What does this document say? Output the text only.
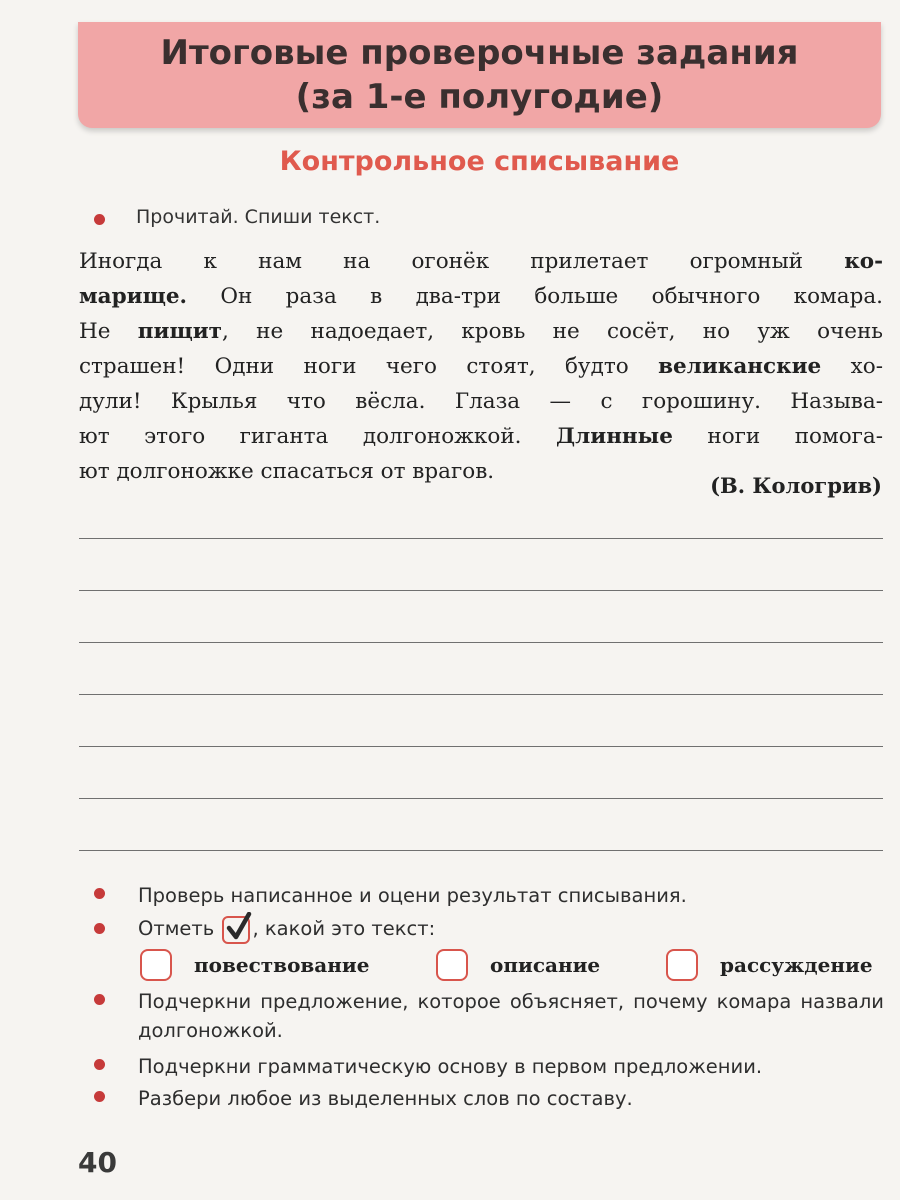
Итоговые проверочные задания
(за 1-е полугодие)
Контрольное списывание
Прочитай. Спиши текст.
Иногда к нам на огонёк прилетает огромный ко-
марище. Он раза в два-три больше обычного комара.
Не пищит, не надоедает, кровь не сосёт, но уж очень
страшен! Одни ноги чего стоят, будто великанские хо-
дули! Крылья что вёсла. Глаза — с горошину. Называ-
ют этого гиганта долгоножкой. Длинные ноги помога-
ют долгоножке спасаться от врагов.
(В. Кологрив)
Проверь написанное и оцени результат списывания.
Отметь , какой это текст:
повествование	описание	рассуждение
Подчеркни предложение, которое объясняет, почему комара назвали долгоножкой.
Подчеркни грамматическую основу в первом предложении.
Разбери любое из выделенных слов по составу.
40
